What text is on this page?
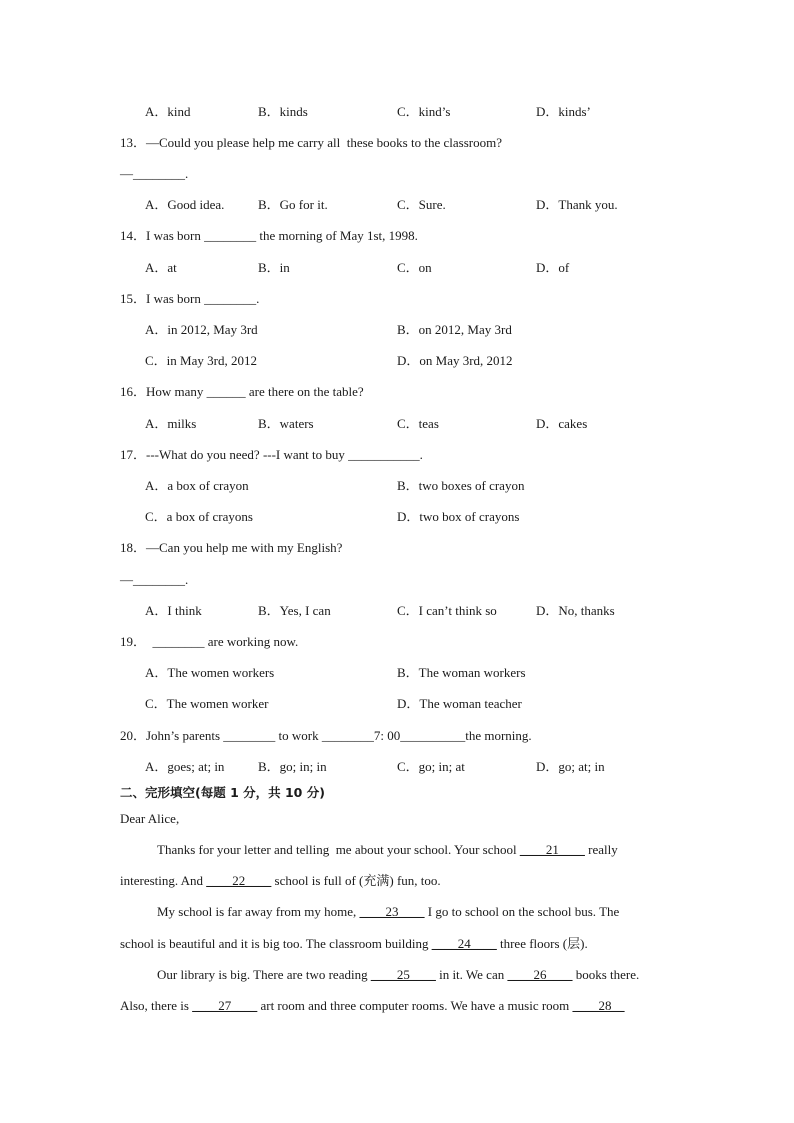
A．kind	B．kinds	C．kind’s	D．kinds’
13．—Could you please help me carry all  these books to the classroom?
—________.
A．Good idea.	B．Go for it.	C．Sure.	D．Thank you.
14．I was born ________ the morning of May 1st, 1998.
A．at	B．in	C．on	D．of
15．I was born ________.
A．in 2012, May 3rd	B．on 2012, May 3rd
C．in May 3rd, 2012	D．on May 3rd, 2012
16．How many ______ are there on the table?
A．milks	B．waters	C．teas	D．cakes
17．---What do you need? ---I want to buy ___________.
A．a box of crayon	B．two boxes of crayon
C．a box of crayons	D．two box of crayons
18．—Can you help me with my English?
—________.
A．I think	B．Yes, I can	C．I can’t think so	D．No, thanks
19．  ________ are working now.
A．The women workers	B．The woman workers
C．The women worker	D．The woman teacher
20．John’s parents ________ to work ________7: 00__________the morning.
A．goes; at; in	B．go; in; in	C．go; in; at	D．go; at; in
二、完形填空(每题 1 分，共 10 分)
Dear Alice,
Thanks for your letter and telling  me about your school. Your school ____21____ really
interesting. And ____22____ school is full of (充满) fun, too.
My school is far away from my home, ____23____ I go to school on the school bus. The
school is beautiful and it is big too. The classroom building ____24____ three floors (层).
Our library is big. There are two reading ____25____ in it. We can ____26____ books there.
Also, there is ____27____ art room and three computer rooms. We have a music room ____28__
